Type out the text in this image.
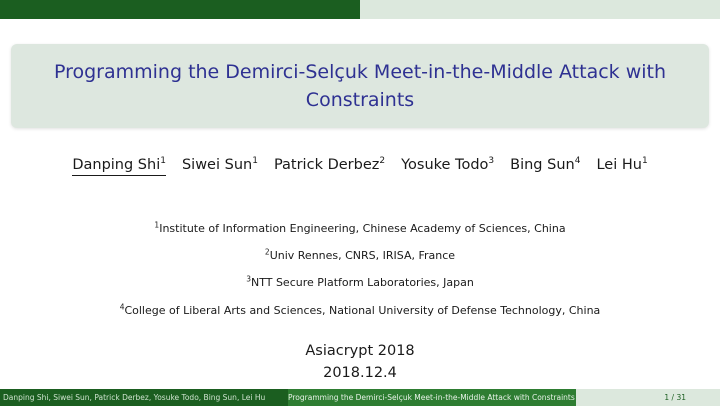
Programming the Demirci-Selçuk Meet-in-the-Middle Attack with Constraints
Danping Shi$^1$ Siwei Sun$^1$ Patrick Derbez$^2$ Yosuke Todo$^3$ Bing Sun$^4$ Lei Hu$^1$
$^1$Institute of Information Engineering, Chinese Academy of Sciences, China
$^2$Univ Rennes, CNRS, IRISA, France
$^3$NTT Secure Platform Laboratories, Japan
$^4$College of Liberal Arts and Sciences, National University of Defense Technology, China
Asiacrypt 2018
2018.12.4
Danping Shi, Siwei Sun, Patrick Derbez, Yosuke Todo, Bing Sun, Lei Hu	Programming the Demirci-Selçuk Meet-in-the-Middle Attack with Constraints	1 / 31
